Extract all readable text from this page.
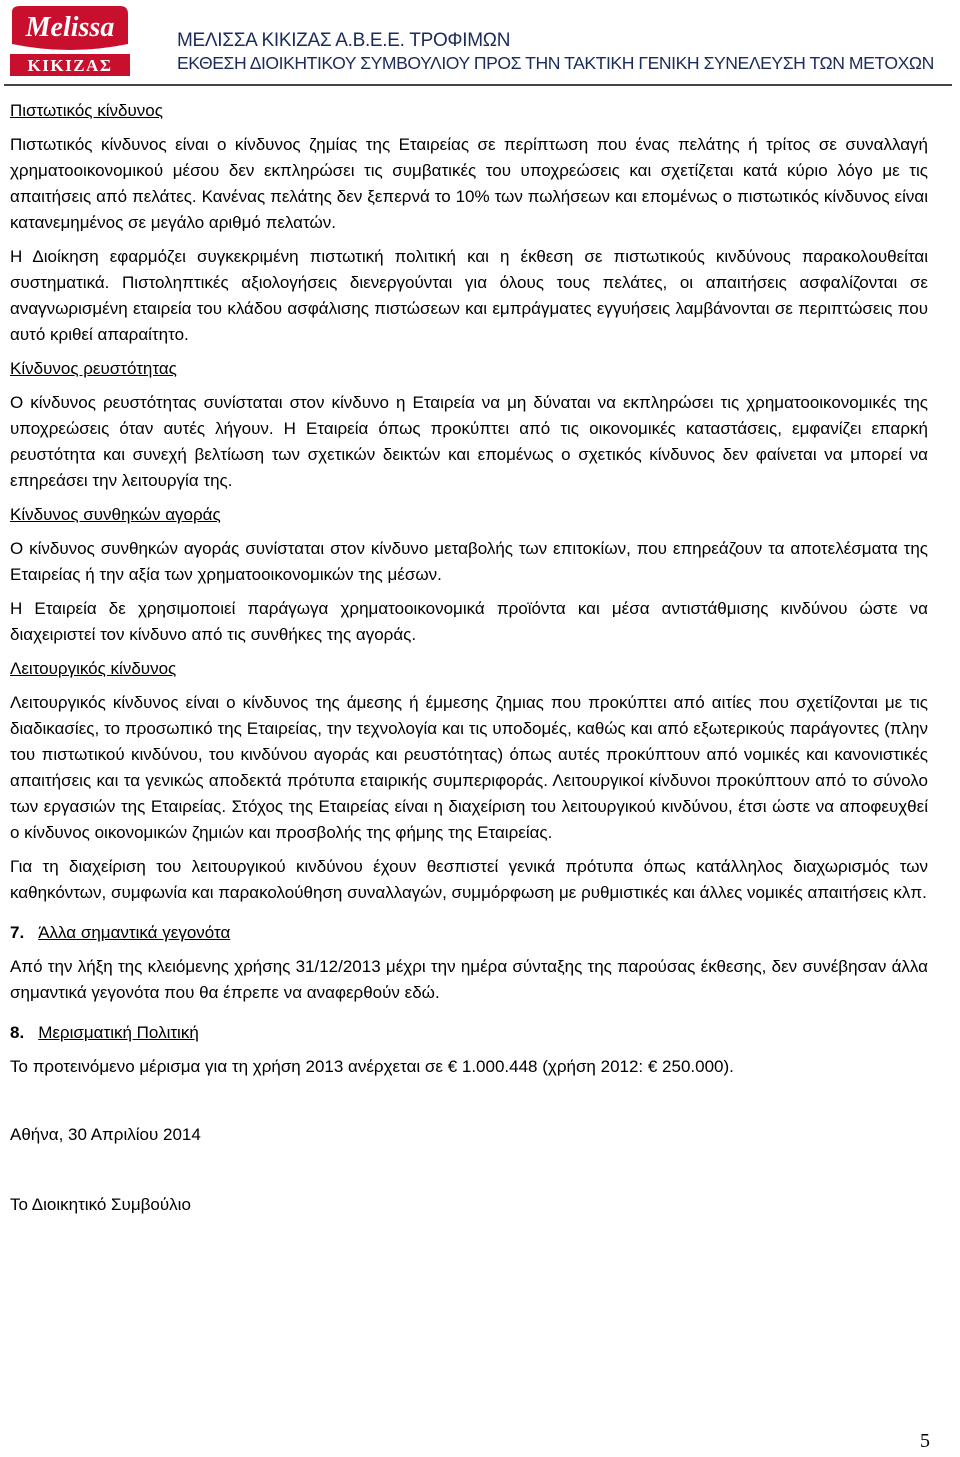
Melissa
ΚΙΚΙΖΑΣ
ΜΕΛΙΣΣΑ ΚΙΚΙΖΑΣ Α.Β.Ε.Ε. ΤΡΟΦΙΜΩΝ
ΕΚΘΕΣΗ ΔΙΟΙΚΗΤΙΚΟΥ ΣΥΜΒΟΥΛΙΟΥ ΠΡΟΣ ΤΗΝ ΤΑΚΤΙΚΗ ΓΕΝΙΚΗ ΣΥΝΕΛΕΥΣΗ ΤΩΝ ΜΕΤΟΧΩΝ
Πιστωτικός κίνδυνος

Πιστωτικός κίνδυνος είναι ο κίνδυνος ζημίας της Εταιρείας σε περίπτωση που ένας πελάτης ή τρίτος σε συναλλαγή χρηματοοικονομικού μέσου δεν εκπληρώσει τις συμβατικές του υποχρεώσεις και σχετίζεται κατά κύριο λόγο με τις απαιτήσεις από πελάτες. Κανένας πελάτης δεν ξεπερνά το 10% των πωλήσεων και επομένως ο πιστωτικός κίνδυνος είναι κατανεμημένος σε μεγάλο αριθμό πελατών.

Η Διοίκηση εφαρμόζει συγκεκριμένη πιστωτική πολιτική και η έκθεση σε πιστωτικούς κινδύνους παρακολουθείται συστηματικά. Πιστοληπτικές αξιολογήσεις διενεργούνται για όλους τους πελάτες, οι απαιτήσεις ασφαλίζονται σε αναγνωρισμένη εταιρεία του κλάδου ασφάλισης πιστώσεων και εμπράγματες εγγυήσεις λαμβάνονται σε περιπτώσεις που αυτό κριθεί απαραίτητο.

Κίνδυνος ρευστότητας

Ο κίνδυνος ρευστότητας συνίσταται στον κίνδυνο η Εταιρεία να μη δύναται να εκπληρώσει τις χρηματοοικονομικές της υποχρεώσεις όταν αυτές λήγουν. Η Εταιρεία όπως προκύπτει από τις οικονομικές καταστάσεις, εμφανίζει επαρκή ρευστότητα και συνεχή βελτίωση των σχετικών δεικτών και επομένως ο σχετικός κίνδυνος δεν φαίνεται να μπορεί να επηρεάσει την λειτουργία της.

Κίνδυνος συνθηκών αγοράς

Ο κίνδυνος συνθηκών αγοράς συνίσταται στον κίνδυνο μεταβολής των επιτοκίων, που επηρεάζουν τα αποτελέσματα της Εταιρείας ή την αξία των χρηματοοικονομικών της μέσων.

Η Εταιρεία δε χρησιμοποιεί παράγωγα χρηματοοικονομικά προϊόντα και μέσα αντιστάθμισης κινδύνου ώστε να διαχειριστεί τον κίνδυνο από τις συνθήκες της αγοράς.

Λειτουργικός κίνδυνος

Λειτουργικός κίνδυνος είναι ο κίνδυνος της άμεσης ή έμμεσης ζημιας που προκύπτει από αιτίες που σχετίζονται με τις διαδικασίες, το προσωπικό της Εταιρείας, την τεχνολογία και τις υποδομές, καθώς και από εξωτερικούς παράγοντες (πλην του πιστωτικού κινδύνου, του κινδύνου αγοράς και ρευστότητας) όπως αυτές προκύπτουν από νομικές και κανονιστικές απαιτήσεις και τα γενικώς αποδεκτά πρότυπα εταιρικής συμπεριφοράς. Λειτουργικοί κίνδυνοι προκύπτουν από το σύνολο των εργασιών της Εταιρείας. Στόχος της Εταιρείας είναι η διαχείριση του λειτουργικού κινδύνου, έτσι ώστε να αποφευχθεί ο κίνδυνος οικονομικών ζημιών και προσβολής της φήμης της Εταιρείας.

Για τη διαχείριση του λειτουργικού κινδύνου έχουν θεσπιστεί γενικά πρότυπα όπως κατάλληλος διαχωρισμός των καθηκόντων, συμφωνία και παρακολούθηση συναλλαγών, συμμόρφωση με ρυθμιστικές και άλλες νομικές απαιτήσεις κλπ.

7. Άλλα σημαντικά γεγονότα

Από την λήξη της κλειόμενης χρήσης 31/12/2013 μέχρι την ημέρα σύνταξης της παρούσας έκθεσης, δεν συνέβησαν άλλα σημαντικά γεγονότα που θα έπρεπε να αναφερθούν εδώ.

8. Μερισματική Πολιτική

Το προτεινόμενο μέρισμα για τη χρήση 2013 ανέρχεται σε € 1.000.448 (χρήση 2012: € 250.000).

Αθήνα, 30 Απριλίου 2014

Το Διοικητικό Συμβούλιο

5
